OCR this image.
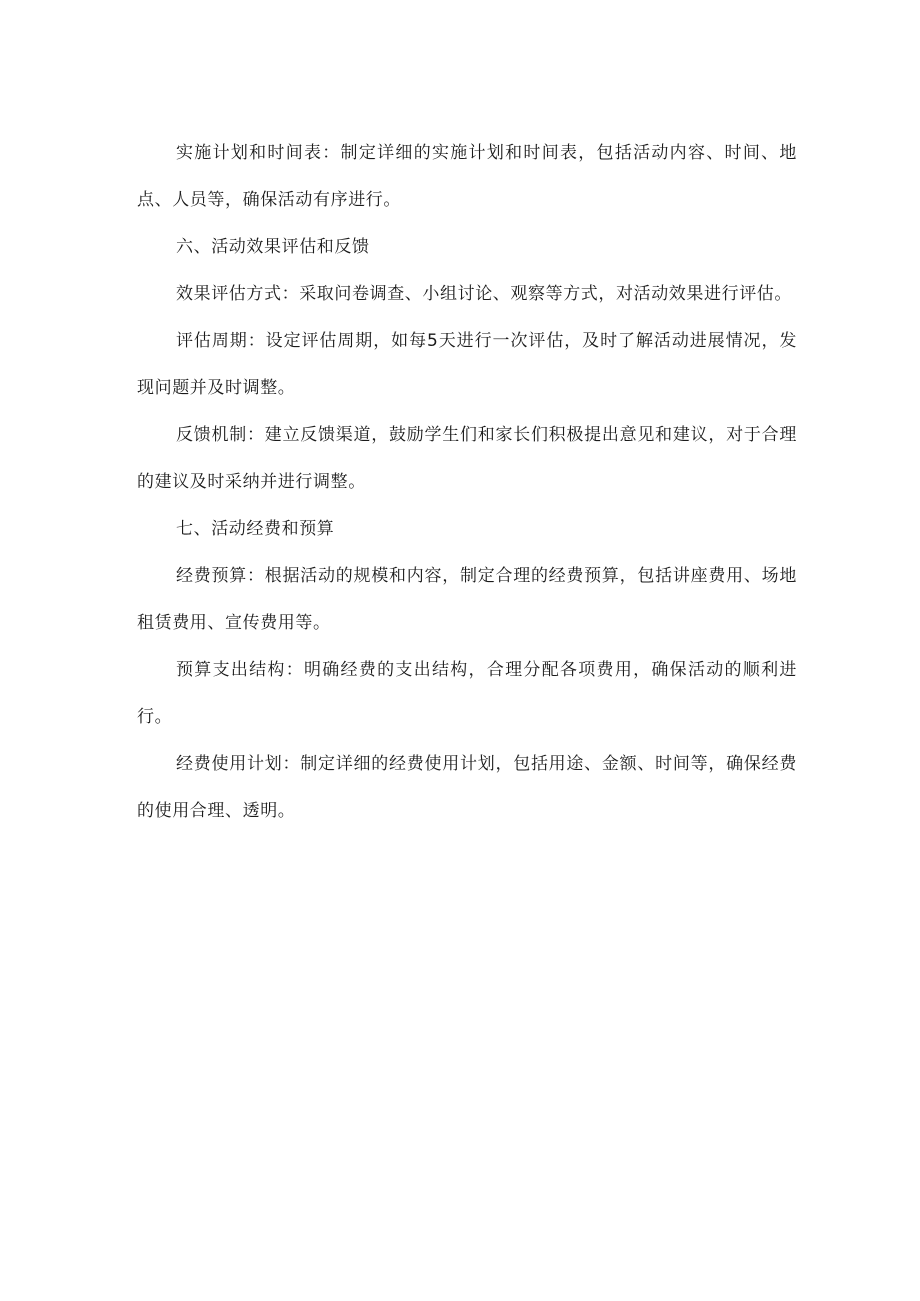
实施计划和时间表：制定详细的实施计划和时间表，包括活动内容、时间、地点、人员等，确保活动有序进行。

六、活动效果评估和反馈

效果评估方式：采取问卷调查、小组讨论、观察等方式，对活动效果进行评估。

评估周期：设定评估周期，如每5天进行一次评估，及时了解活动进展情况，发现问题并及时调整。

反馈机制：建立反馈渠道，鼓励学生们和家长们积极提出意见和建议，对于合理的建议及时采纳并进行调整。

七、活动经费和预算

经费预算：根据活动的规模和内容，制定合理的经费预算，包括讲座费用、场地租赁费用、宣传费用等。

预算支出结构：明确经费的支出结构，合理分配各项费用，确保活动的顺利进行。

经费使用计划：制定详细的经费使用计划，包括用途、金额、时间等，确保经费的使用合理、透明。
